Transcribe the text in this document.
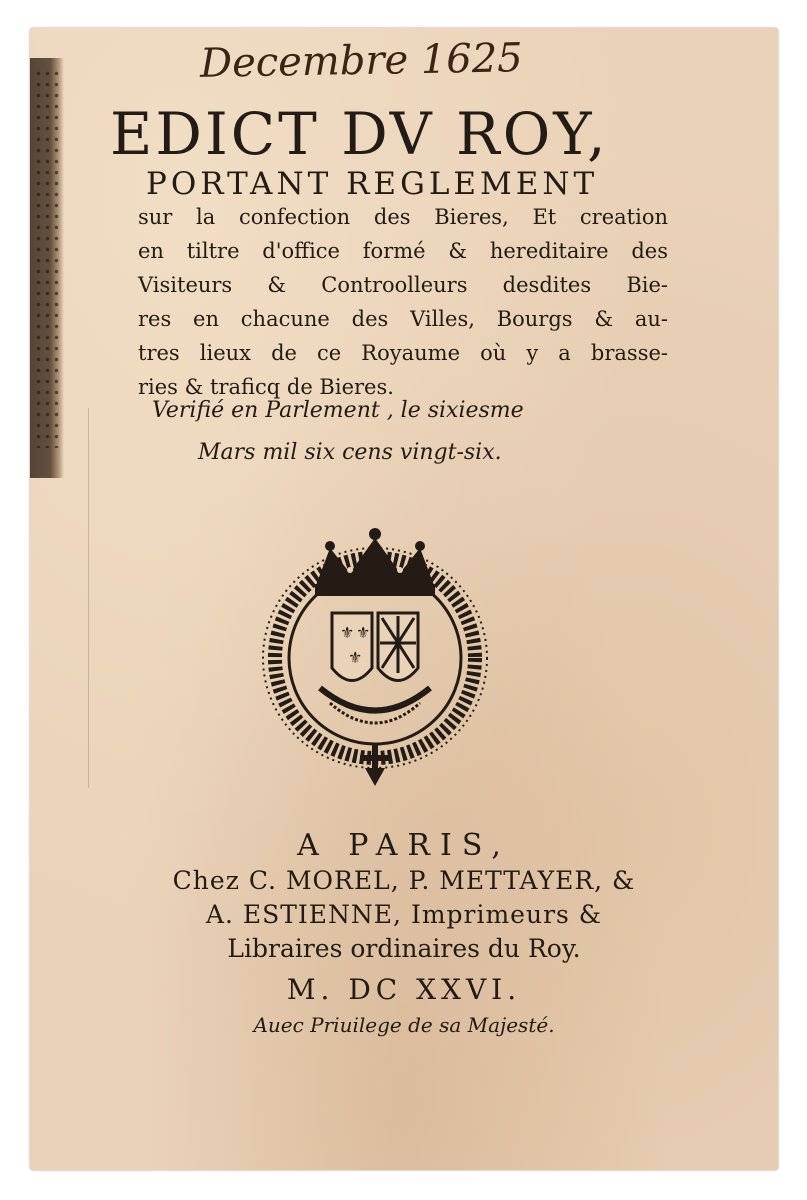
Decembre 1625
EDICT DV ROY,
PORTANT REGLEMENT
sur la confection des Bieres, Et creation
en tiltre d'office formé & hereditaire des
Visiteurs & Controolleurs desdites Bie-
res en chacune des Villes, Bourgs & au-
tres lieux de ce Royaume où y a brasse-
ries & traficq de Bieres.
Verifié en Parlement , le sixiesme
Mars mil six cens vingt-six.
⚜ ⚜
⚜
A PARIS,
Chez C. MOREL, P. METTAYER, &
A. ESTIENNE, Imprimeurs &
Libraires ordinaires du Roy.
M. DC XXVI.
Auec Priuilege de sa Majesté.
